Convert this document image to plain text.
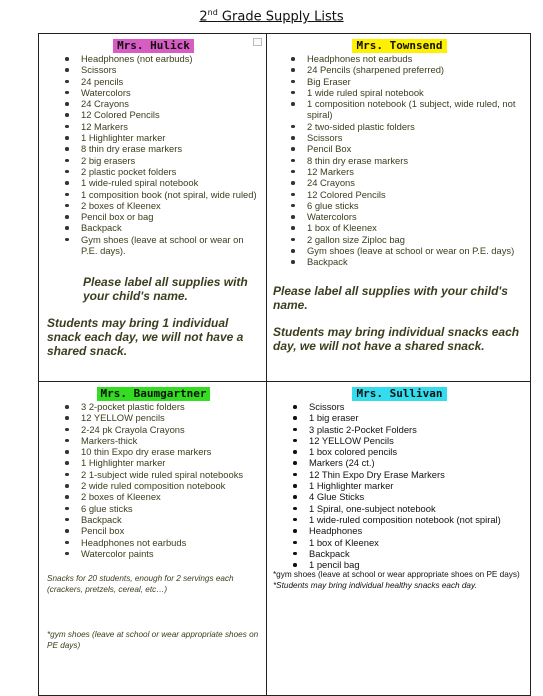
2nd Grade Supply Lists
Mrs. Hulick
Headphones (not earbuds)
Scissors
24 pencils
Watercolors
24 Crayons
12 Colored Pencils
12 Markers
1 Highlighter marker
8 thin dry erase markers
2 big erasers
2 plastic pocket folders
1 wide-ruled spiral notebook
1 composition book (not spiral, wide ruled)
2 boxes of Kleenex
Pencil box or bag
Backpack
Gym shoes (leave at school or wear on P.E. days).

Please label all supplies with your child's name.

Students may bring 1 individual snack each day, we will not have a shared snack.

Mrs. Townsend
Headphones not earbuds
24 Pencils (sharpened preferred)
Big Eraser
1 wide ruled spiral notebook
1 composition notebook (1 subject, wide ruled, not spiral)
2 two-sided plastic folders
Scissors
Pencil Box
8 thin dry erase markers
12 Markers
24 Crayons
12 Colored Pencils
6 glue sticks
Watercolors
1 box of Kleenex
2 gallon size Ziploc bag
Gym shoes (leave at school or wear on P.E. days)
Backpack

Please label all supplies with your child's name.

Students may bring individual snacks each day, we will not have a shared snack.

Mrs. Baumgartner
3 2-pocket plastic folders
12 YELLOW pencils
2-24 pk Crayola Crayons
Markers-thick
10 thin Expo dry erase markers
1 Highlighter marker
2 1-subject wide ruled spiral notebooks
2 wide ruled composition notebook
2 boxes of Kleenex
6 glue sticks
Backpack
Pencil box
Headphones not earbuds
Watercolor paints

Snacks for 20 students, enough for 2 servings each (crackers, pretzels, cereal, etc…)

*gym shoes (leave at school or wear appropriate shoes on PE days)

Mrs. Sullivan
Scissors
1 big eraser
3 plastic 2-Pocket Folders
12 YELLOW Pencils
1 box colored pencils
Markers (24 ct.)
12 Thin Expo Dry Erase Markers
1 Highlighter marker
4 Glue Sticks
1 Spiral, one-subject notebook
1 wide-ruled composition notebook (not spiral)
Headphones
1 box of Kleenex
Backpack
1 pencil bag

*gym shoes (leave at school or wear appropriate shoes on PE days)

*Students may bring individual healthy snacks each day.
